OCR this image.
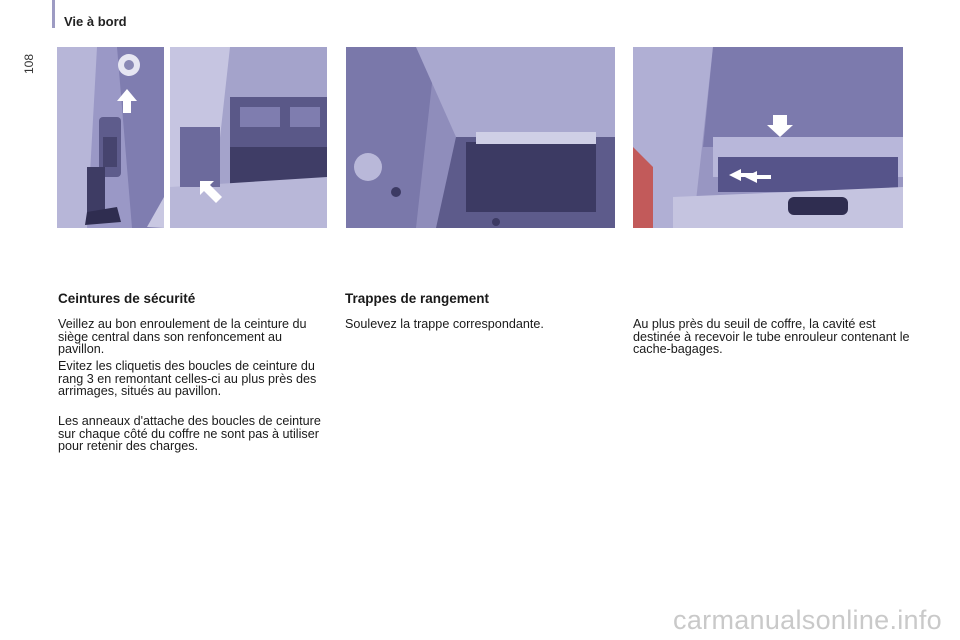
Vie à bord
108
Ceintures de sécurité

Veillez au bon enroulement de la ceinture du siège central dans son renfoncement au pavillon.

Evitez les cliquetis des boucles de ceinture du rang 3 en remontant celles-ci au plus près des arrimages, situés au pavillon.

Les anneaux d'attache des boucles de ceinture sur chaque côté du coffre ne sont pas à utiliser pour retenir des charges.

Trappes de rangement

Soulevez la trappe correspondante.	Au plus près du seuil de coffre, la cavité est destinée à recevoir le tube enrouleur contenant le cache-bagages.

carmanualsonline.info
